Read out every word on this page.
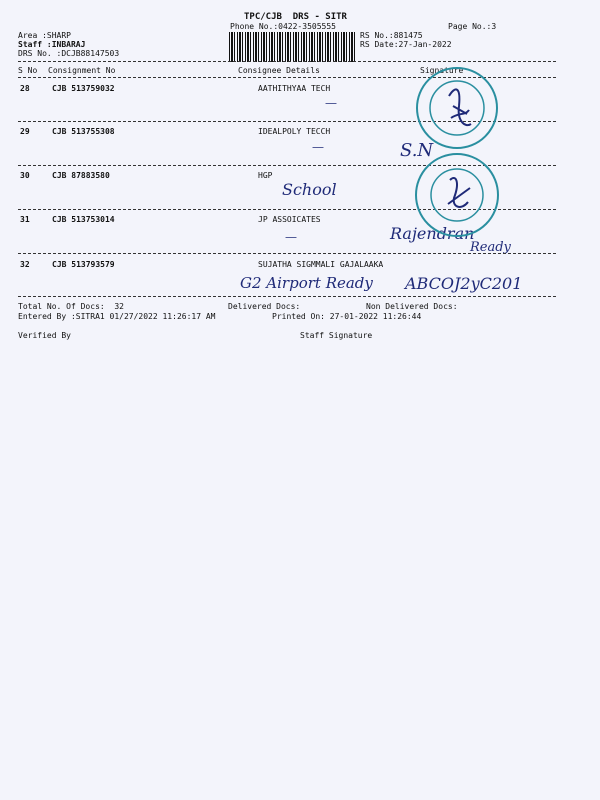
TPC/CJB  DRS - SITR
Phone No.:0422-3505555	Page No.:3
Area :SHARP
Staff :INBARAJ
DRS No. :DCJB88147503
RS No.:881475
RS Date:27-Jan-2022
S No Consignment No	Consignee Details	Signature
28	CJB 513759032	AATHITHYAA TECH
—
29	CJB 513755308	IDEALPOLY TECCH
—	S.N
30	CJB 87883580	HGP
School
31	CJB 513753014	JP ASSOICATES
—	Rajendran
Ready
32	CJB 513793579	SUJATHA SIGMMALI GAJALAAKA
G2 Airport Ready ABCOJ2yC201
Total No. Of Docs:  32	Delivered Docs:	Non Delivered Docs:
Entered By :SITRA1 01/27/2022 11:26:17 AM	Printed On: 27-01-2022 11:26:44
Verified By	Staff Signature
